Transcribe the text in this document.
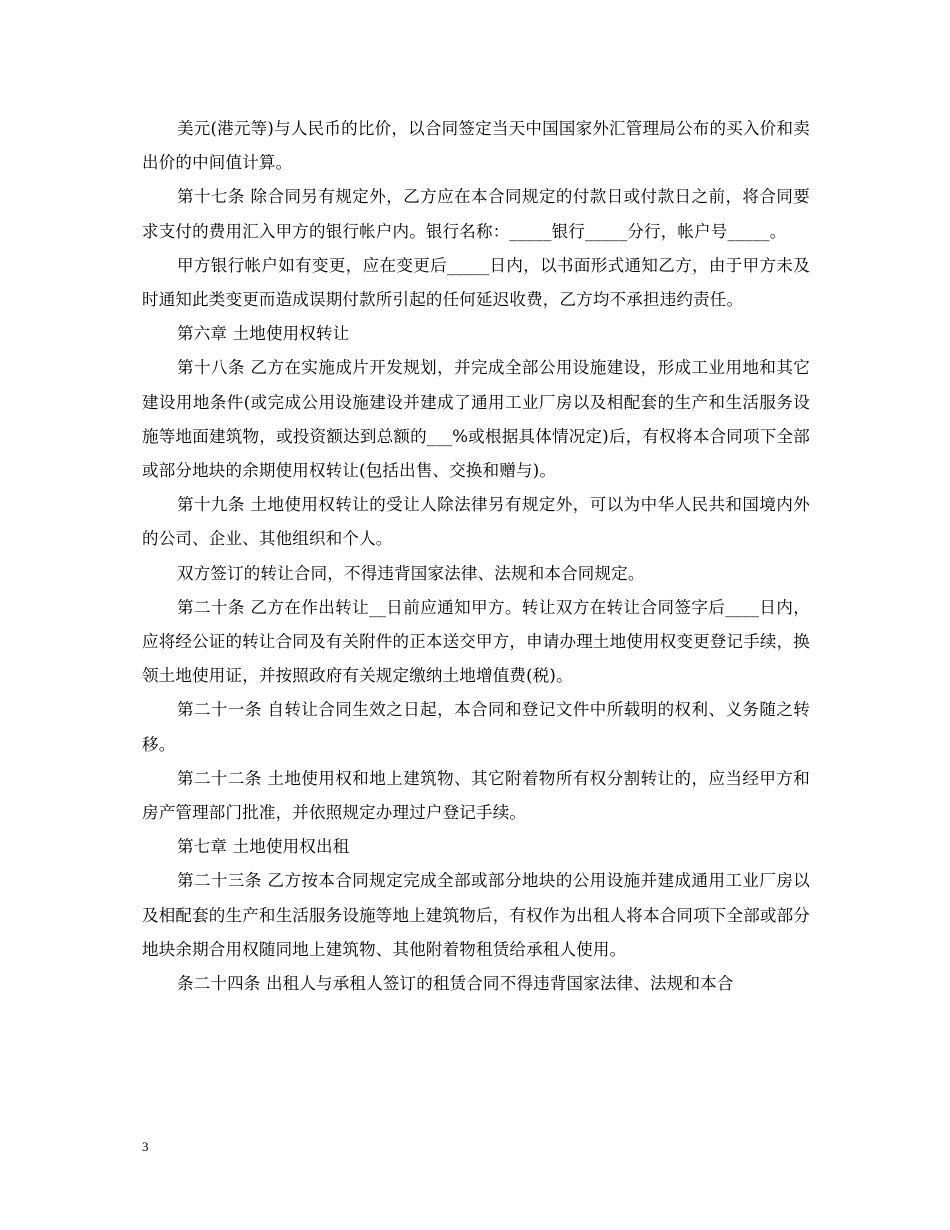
美元(港元等)与人民币的比价，以合同签定当天中国国家外汇管理局公布的买入价和卖出价的中间值计算。

第十七条 除合同另有规定外，乙方应在本合同规定的付款日或付款日之前，将合同要求支付的费用汇入甲方的银行帐户内。银行名称：_____银行_____分行，帐户号_____。

甲方银行帐户如有变更，应在变更后_____日内，以书面形式通知乙方，由于甲方未及时通知此类变更而造成误期付款所引起的任何延迟收费，乙方均不承担违约责任。

第六章 土地使用权转让

第十八条 乙方在实施成片开发规划，并完成全部公用设施建设，形成工业用地和其它建设用地条件(或完成公用设施建设并建成了通用工业厂房以及相配套的生产和生活服务设施等地面建筑物，或投资额达到总额的___%或根据具体情况定)后，有权将本合同项下全部或部分地块的余期使用权转让(包括出售、交换和赠与)。

第十九条 土地使用权转让的受让人除法律另有规定外，可以为中华人民共和国境内外的公司、企业、其他组织和个人。

双方签订的转让合同，不得违背国家法律、法规和本合同规定。

第二十条 乙方在作出转让__日前应通知甲方。转让双方在转让合同签字后____日内，应将经公证的转让合同及有关附件的正本送交甲方，申请办理土地使用权变更登记手续，换领土地使用证，并按照政府有关规定缴纳土地增值费(税)。

第二十一条 自转让合同生效之日起，本合同和登记文件中所载明的权利、义务随之转移。

第二十二条 土地使用权和地上建筑物、其它附着物所有权分割转让的，应当经甲方和房产管理部门批准，并依照规定办理过户登记手续。

第七章 土地使用权出租

第二十三条 乙方按本合同规定完成全部或部分地块的公用设施并建成通用工业厂房以及相配套的生产和生活服务设施等地上建筑物后，有权作为出租人将本合同项下全部或部分地块余期合用权随同地上建筑物、其他附着物租赁给承租人使用。

条二十四条 出租人与承租人签订的租赁合同不得违背国家法律、法规和本合

3
